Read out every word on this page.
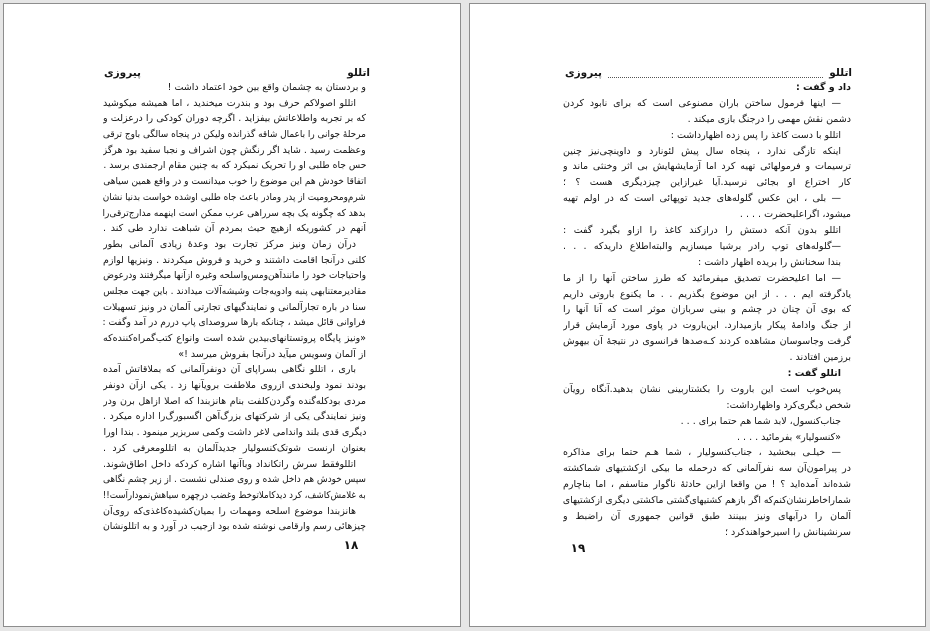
اتللو
پیروزی
و بردستان به چشمان واقع بین خود اعتماد داشت !
اتللو اصولاکم حرف بود و بندرت میخندید ، اما همیشه میکوشید
که بر تجربه واطلاعاتش بیفزاید . اگرچه دوران کودکی را درعزلت و
مرحلهٔ جوانی را باعمال شاقه گذرانده ولیکن در پنجاه سالگی باوج ترقی
وعظمت رسید . شاید اگر رنگش چون اشراف و نجبا سفید بود هرگز
حس جاه طلبی او را تحریک نمیکرد که به چنین مقام ارجمندی برسد .
اتفاقا خودش هم این موضوع را خوب میدانست و در واقع همین سیاهی
شرم‌ومحرومیت از پدر ومادر باعث جاه طلبی اوشده خواست بدنیا نشان
بدهد که چگونه یک بچه سرراهی عرب ممکن است اینهمه مدارج‌ترقی‌را
آنهم در کشوریکه ازهیچ حیث بمردم آن شباهت ندارد طی کند .
درآن زمان ونیز مرکز تجارت بود وعدهٔ زیادی آلمانی بطور
کلنی درآنجا اقامت داشتند و خرید و فروش میکردند . ونیزیها لوازم
واحتیاجات خود را مانندآهن‌ومس‌واسلحه وغیره ازآنها میگرفتند ودرعوض
مقادیرمعتنابهی پنبه وادویه‌جات وشیشه‌آلات میدادند . باین جهت مجلس
سنا در باره تجارآلمانی و نمایندگیهای تجارتی آلمان در ونیز تسهیلات
فراوانی قائل میشد ، چنانکه بارها سروصدای پاپ دررم در آمد وگفت :
«ونیز پایگاه پروتستانهای‌بیدین شده است وانواع کتب‌گمراه‌کننده‌که
از آلمان وسویس میآید درآنجا بفروش میرسد !»
باری ، اتللو نگاهی بسراپای آن دونفرآلمانی که بملاقاتش آمده
بودند نمود ولبخندی ازروی ملاطفت برویآنها زد . یکی ازآن دونفر
مردی بودکله‌گنده وگردن‌کلفت بنام هانزبندا که اصلا ازاهل برن ودر
ونیز نمایندگی یکی از شرکتهای بزرگ‌آهن اگسبورگ‌را اداره میکرد .
دیگری قدی بلند واندامی لاغر داشت وکمی سربزیر مینمود . بندا اورا
بعنوان ارنست شوتک‌کنسولیار جدیدآلمان به اتللومعرفی کرد .
اتللوفقط سرش راتکانداد وباآنها اشاره کردکه داخل اطاق‌شوند.
سپس خودش هم داخل شده و روی صندلی نشست . از زیر چشم نگاهی
به غلامش‌کاشف، کرد دیدکاملاتوخط وغضب درچهره سیاهش‌نمودارآست!!
هانزبندا موضوع اسلحه ومهمات را بمیان‌کشیده‌کاغذی‌که روی‌آن
چیزهائی رسم وارقامی نوشته شده بود ازجیب در آورد و به اتللونشان
۱۸
اتللو
پیروزی
داد و گفت :
— اینها فرمول ساختن باران مصنوعی است که برای نابود کردن
دشمن نقش مهمی را درجنگ بازی میکند .
اتللو با دست کاغذ را پس زده اظهارداشت :
اینکه تازگی ندارد ، پنجاه سال پیش لئونارد و داوینچی‌نیز چنین
ترسیمات و فرمولهائی تهیه کرد اما آزمایشهایش بی اثر وخنثی ماند و
کار اختراع او بجائی نرسید.آیا غیرازاین چیزدیگری هست ؟ ؛
— بلی ، این عکس گلوله‌های جدید توپهائی است که در اولم تهیه
میشود، اگراعلیحضرت . . . .
اتللو بدون آنکه دستش را درازکند کاغذ را ازاو بگیرد گفت :
—گلوله‌های توپ رادر برشیا میسازیم والبته‌اطلاع داریدکه . . .
بندا سخنانش را بریده اظهار داشت :
— اما اعلیحضرت تصدیق میفرمائید که طرز ساختن آنها را از ما
یادگرفته ایم . . . از این موضوع بگذریم . . ما یکنوع باروتی داریم
که بوی آن چنان در چشم و بینی سربازان موثر است که آنا آنها را
از جنگ وادامهٔ پیکار بازمیدارد. این‌باروت در پاوی مورد آزمایش قرار
گرفت وجاسوسان مشاهده کردند کـه‌صدها فرانسوی در نتیجهٔ آن بیهوش
برزمین افتادند .
اتللو گفت :
پس‌خوب است این باروت را بکشتاربینی نشان بدهید.آنگاه رویآن
شخص دیگری‌کرد واظهارداشت:
جناب‌کنسول، لابد شما هم حتما برای . . .
«کنسولیار» بفرمائید . . . .
— خیلـی ببخشید ، جناب‌کنسولیار ، شما هـم حتما برای مذاکره
در پیرامون‌آن سه نفرآلمانی که درحمله ما بیکی ازکشتیهای شماکشته
شده‌اند آمده‌اید ؟ ! من واقعا ازاین حادثهٔ ناگوار متاسفم ، اما بناچارم
شماراخاطرنشان‌کنم‌که اگر بازهم کشتیهای‌گشتی ماکشتی دیگری ازکشتیهای
آلمان را درآبهای ونیز ببینند طبق قوانین جمهوری آن راضبط و
سرنشینانش را اسیرخواهندکرد ؛
۱۹
